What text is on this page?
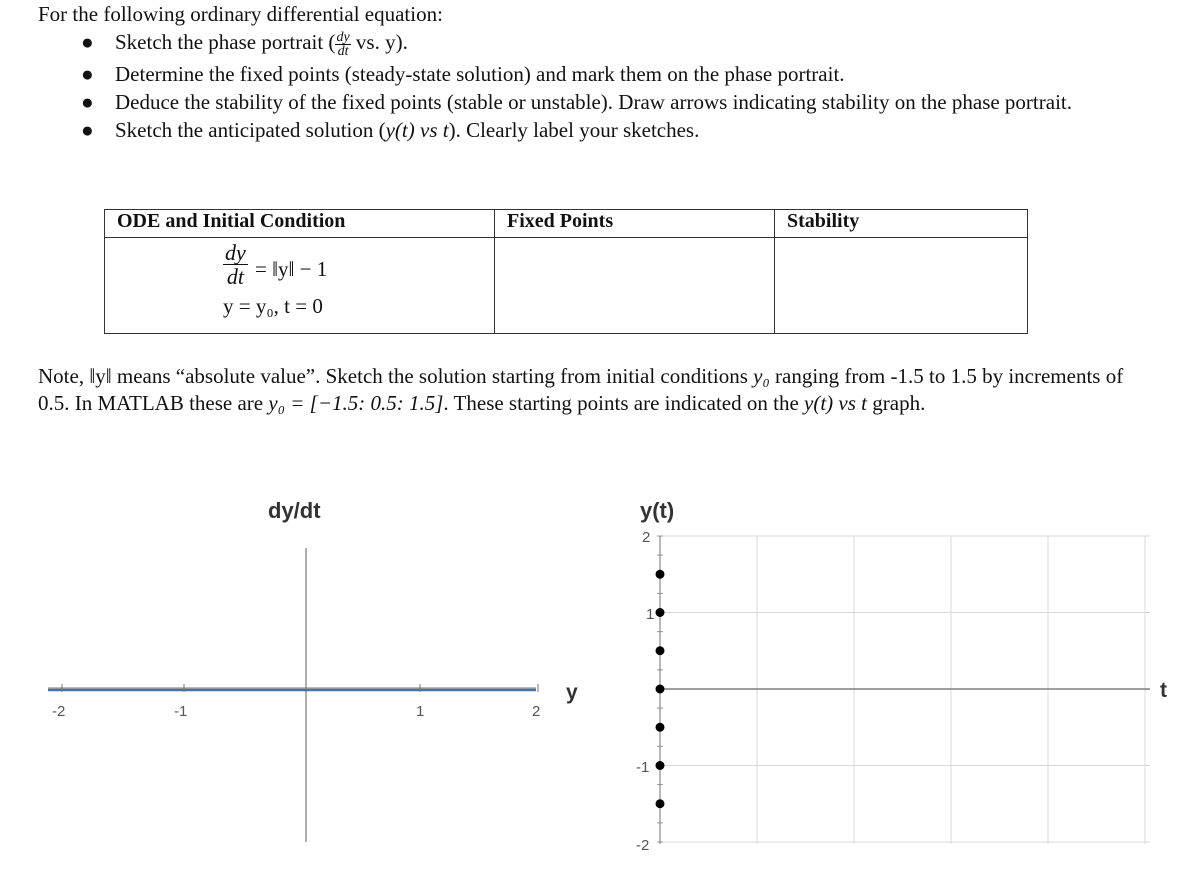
For the following ordinary differential equation:
● Sketch the phase portrait ( $\frac{dy}{dt}$ vs. y).
● Determine the fixed points (steady-state solution) and mark them on the phase portrait.
● Deduce the stability of the fixed points (stable or unstable). Draw arrows indicating stability on the phase portrait.
● Sketch the anticipated solution (y(t) vs t). Clearly label your sketches.
ODE and Initial Condition	Fixed Points	Stability

$\frac{dy}{dt}$ = ‖y‖ − 1
y = y₀, t = 0		

Note, ‖y‖ means “absolute value”. Sketch the solution starting from initial conditions y₀ ranging from -1.5 to 1.5 by increments of 0.5. In MATLAB these are y₀ = [−1.5: 0.5: 1.5]. These starting points are indicated on the y(t) vs t graph.
dy/dt
-2	-1	1	2
y
y(t)
2
1
-1
-2
t
